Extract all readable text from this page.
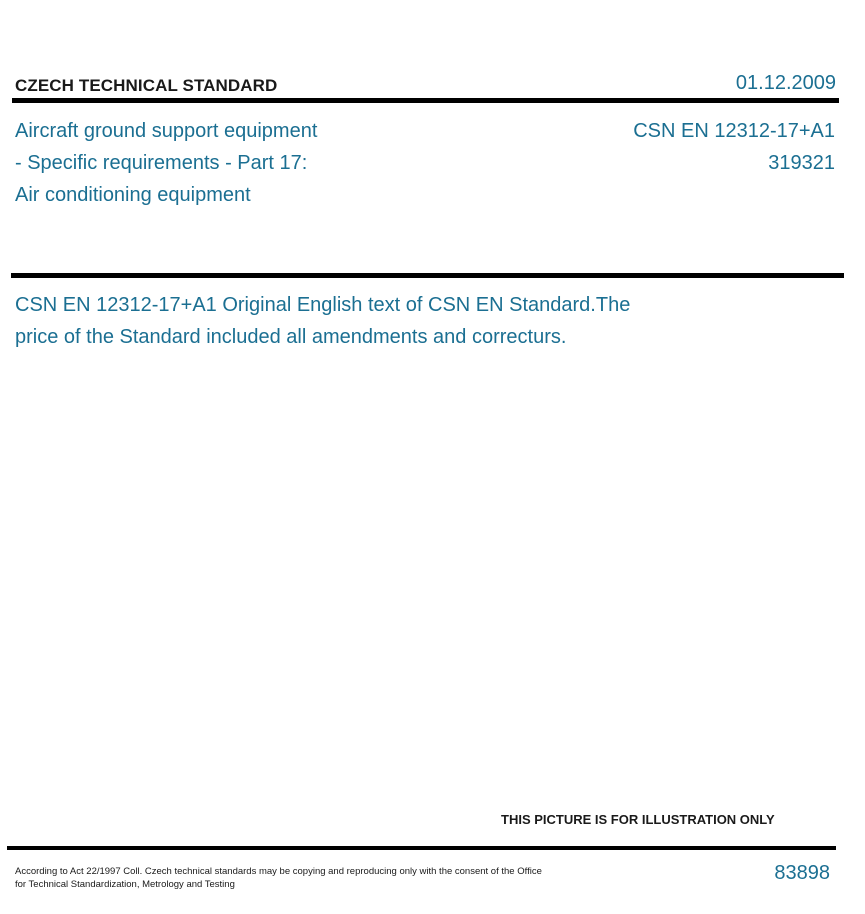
CZECH TECHNICAL STANDARD	01.12.2009
Aircraft ground support equipment
- Specific requirements - Part 17:
Air conditioning equipment
CSN EN 12312-17+A1
319321
CSN EN 12312-17+A1 Original English text of CSN EN Standard.The
price of the Standard included all amendments and correcturs.
THIS PICTURE IS FOR ILLUSTRATION ONLY
According to Act 22/1997 Coll. Czech technical standards may be copying and reproducing only with the consent of the Office
for Technical Standardization, Metrology and Testing
83898
